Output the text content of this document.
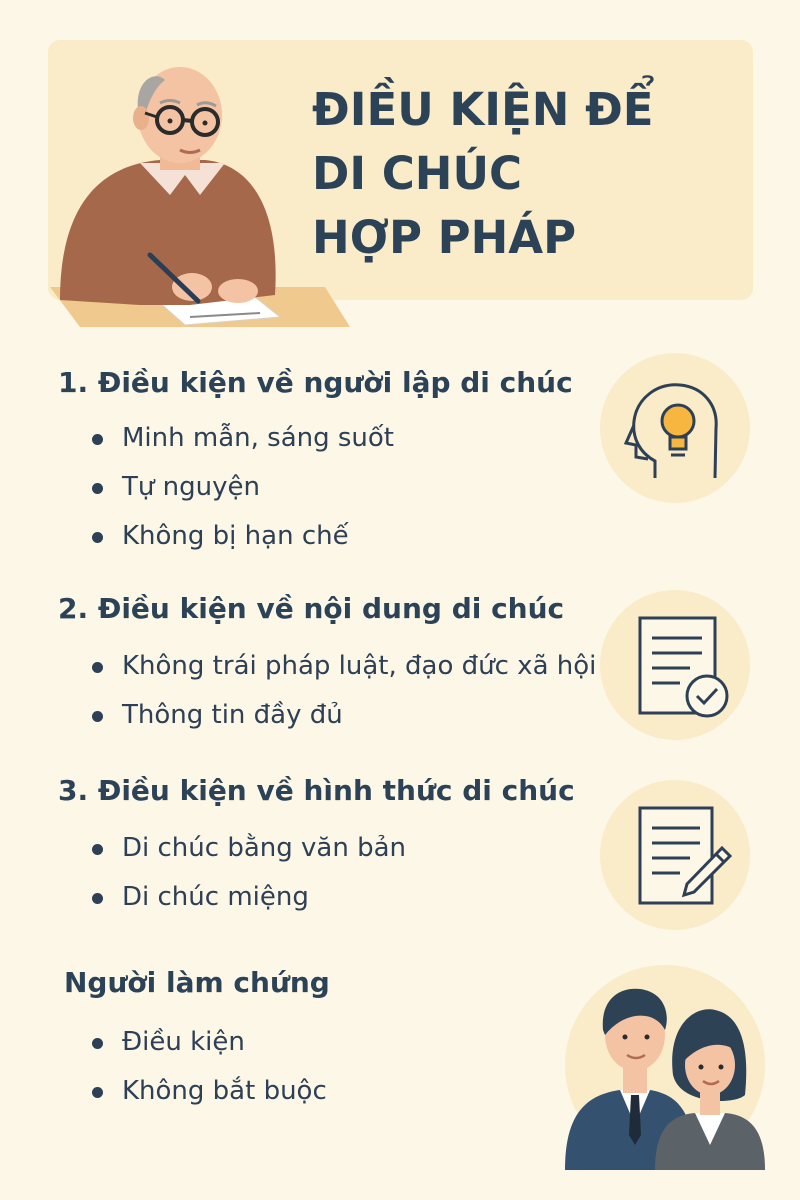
ĐIỀU KIỆN ĐỂ
DI CHÚC
HỢP PHÁP
1. Điều kiện về người lập di chúc
Minh mẫn, sáng suốt
Tự nguyện
Không bị hạn chế
2. Điều kiện về nội dung di chúc
Không trái pháp luật, đạo đức xã hội
Thông tin đầy đủ
3. Điều kiện về hình thức di chúc
Di chúc bằng văn bản
Di chúc miệng
Người làm chứng
Điều kiện
Không bắt buộc
